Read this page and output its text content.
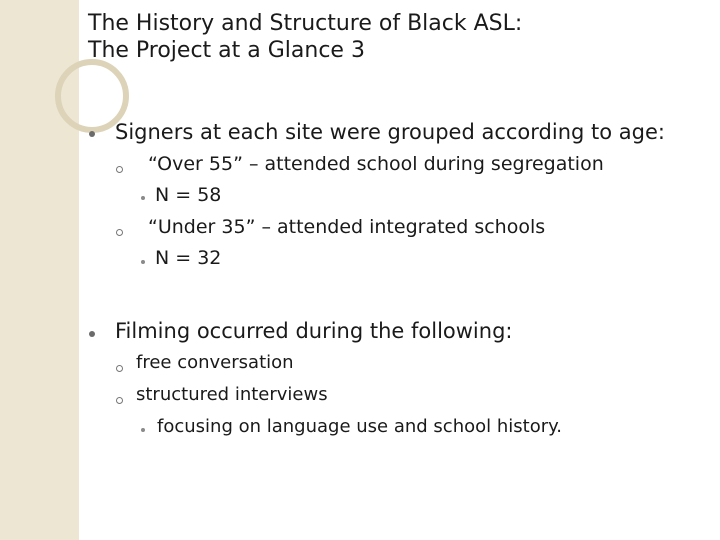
The History and Structure of Black ASL:
The Project at a Glance 3
Signers at each site were grouped according to age:
“Over 55” – attended school during segregation
N = 58
“Under 35” – attended integrated schools
N = 32
Filming occurred during the following:
free conversation
structured interviews
focusing on language use and school history.
